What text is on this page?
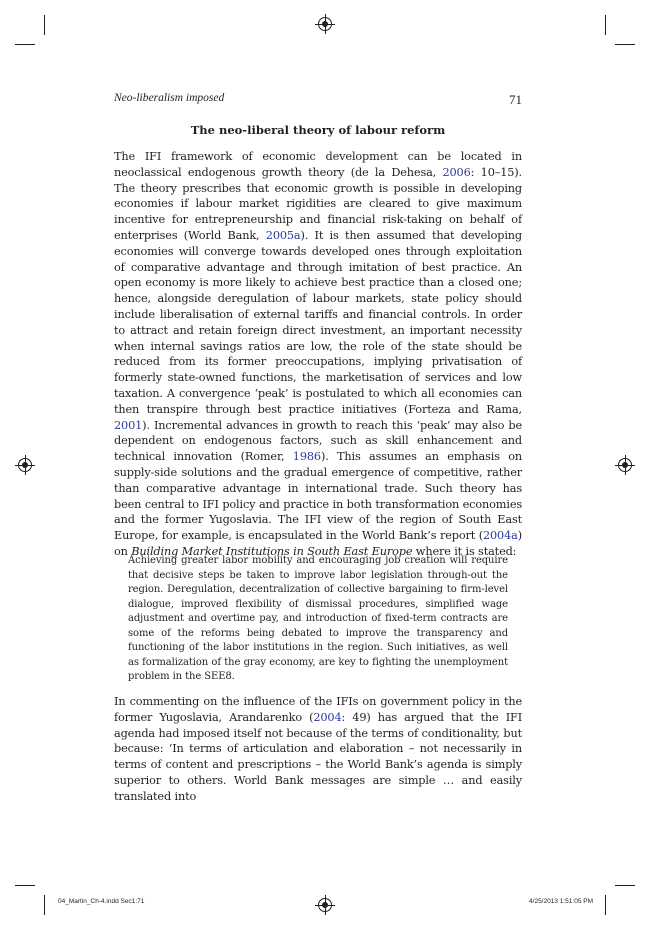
Neo-liberalism imposed	71
The neo-liberal theory of labour reform
The IFI framework of economic development can be located in neoclassical endogenous growth theory (de la Dehesa, 2006: 10–15). The theory prescribes that economic growth is possible in developing economies if labour market rigidities are cleared to give maximum incentive for entrepreneurship and financial risk-taking on behalf of enterprises (World Bank, 2005a). It is then assumed that developing economies will converge towards developed ones through exploitation of comparative advantage and through imitation of best practice. An open economy is more likely to achieve best practice than a closed one; hence, alongside deregulation of labour markets, state policy should include liberalisation of external tariffs and financial controls. In order to attract and retain foreign direct investment, an important necessity when internal savings ratios are low, the role of the state should be reduced from its former preoccupations, implying privatisation of formerly state-owned functions, the marketisation of services and low taxation. A convergence ‘peak’ is postulated to which all economies can then transpire through best practice initiatives (Forteza and Rama, 2001). Incremental advances in growth to reach this ‘peak’ may also be dependent on endogenous factors, such as skill enhancement and technical innovation (Romer, 1986). This assumes an emphasis on supply-side solutions and the gradual emergence of competitive, rather than comparative advantage in international trade. Such theory has been central to IFI policy and practice in both transformation economies and the former Yugoslavia. The IFI view of the region of South East Europe, for example, is encapsulated in the World Bank’s report (2004a) on Building Market Institutions in South East Europe where it is stated:
Achieving greater labor mobility and encouraging job creation will require that decisive steps be taken to improve labor legislation through-out the region. Deregulation, decentralization of collective bargaining to firm-level dialogue, improved flexibility of dismissal procedures, simplified wage adjustment and overtime pay, and introduction of fixed-term contracts are some of the reforms being debated to improve the transparency and functioning of the labor institutions in the region. Such initiatives, as well as formalization of the gray economy, are key to fighting the unemployment problem in the SEE8.
In commenting on the influence of the IFIs on government policy in the former Yugoslavia, Arandarenko (2004: 49) has argued that the IFI agenda had imposed itself not because of the terms of conditionality, but because: ‘In terms of articulation and elaboration – not necessarily in terms of content and prescriptions – the World Bank’s agenda is simply superior to others. World Bank messages are simple … and easily translated into
04_Martin_Ch-4.indd Sec1:71	4/25/2013 1:51:05 PM
